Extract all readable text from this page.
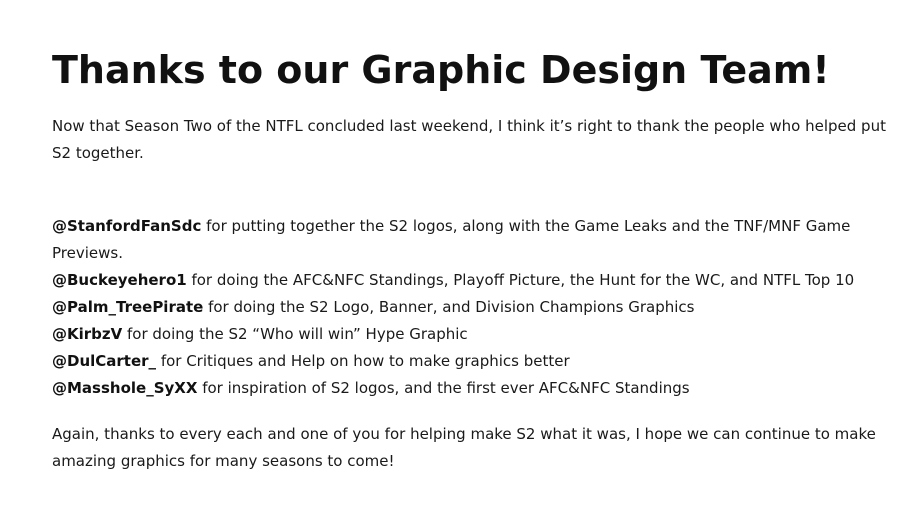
Thanks to our Graphic Design Team!

Now that Season Two of the NTFL concluded last weekend, I think it’s right to thank the people who helped put S2 together.

@StanfordFanSdc for putting together the S2 logos, along with the Game Leaks and the TNF/MNF Game Previews.
@Buckeyehero1 for doing the AFC&NFC Standings, Playoff Picture, the Hunt for the WC, and NTFL Top 10
@Palm_TreePirate for doing the S2 Logo, Banner, and Division Champions Graphics
@KirbzV for doing the S2 “Who will win” Hype Graphic
@DulCarter_ for Critiques and Help on how to make graphics better
@Masshole_SyXX for inspiration of S2 logos, and the first ever AFC&NFC Standings

Again, thanks to every each and one of you for helping make S2 what it was, I hope we can continue to make amazing graphics for many seasons to come!
